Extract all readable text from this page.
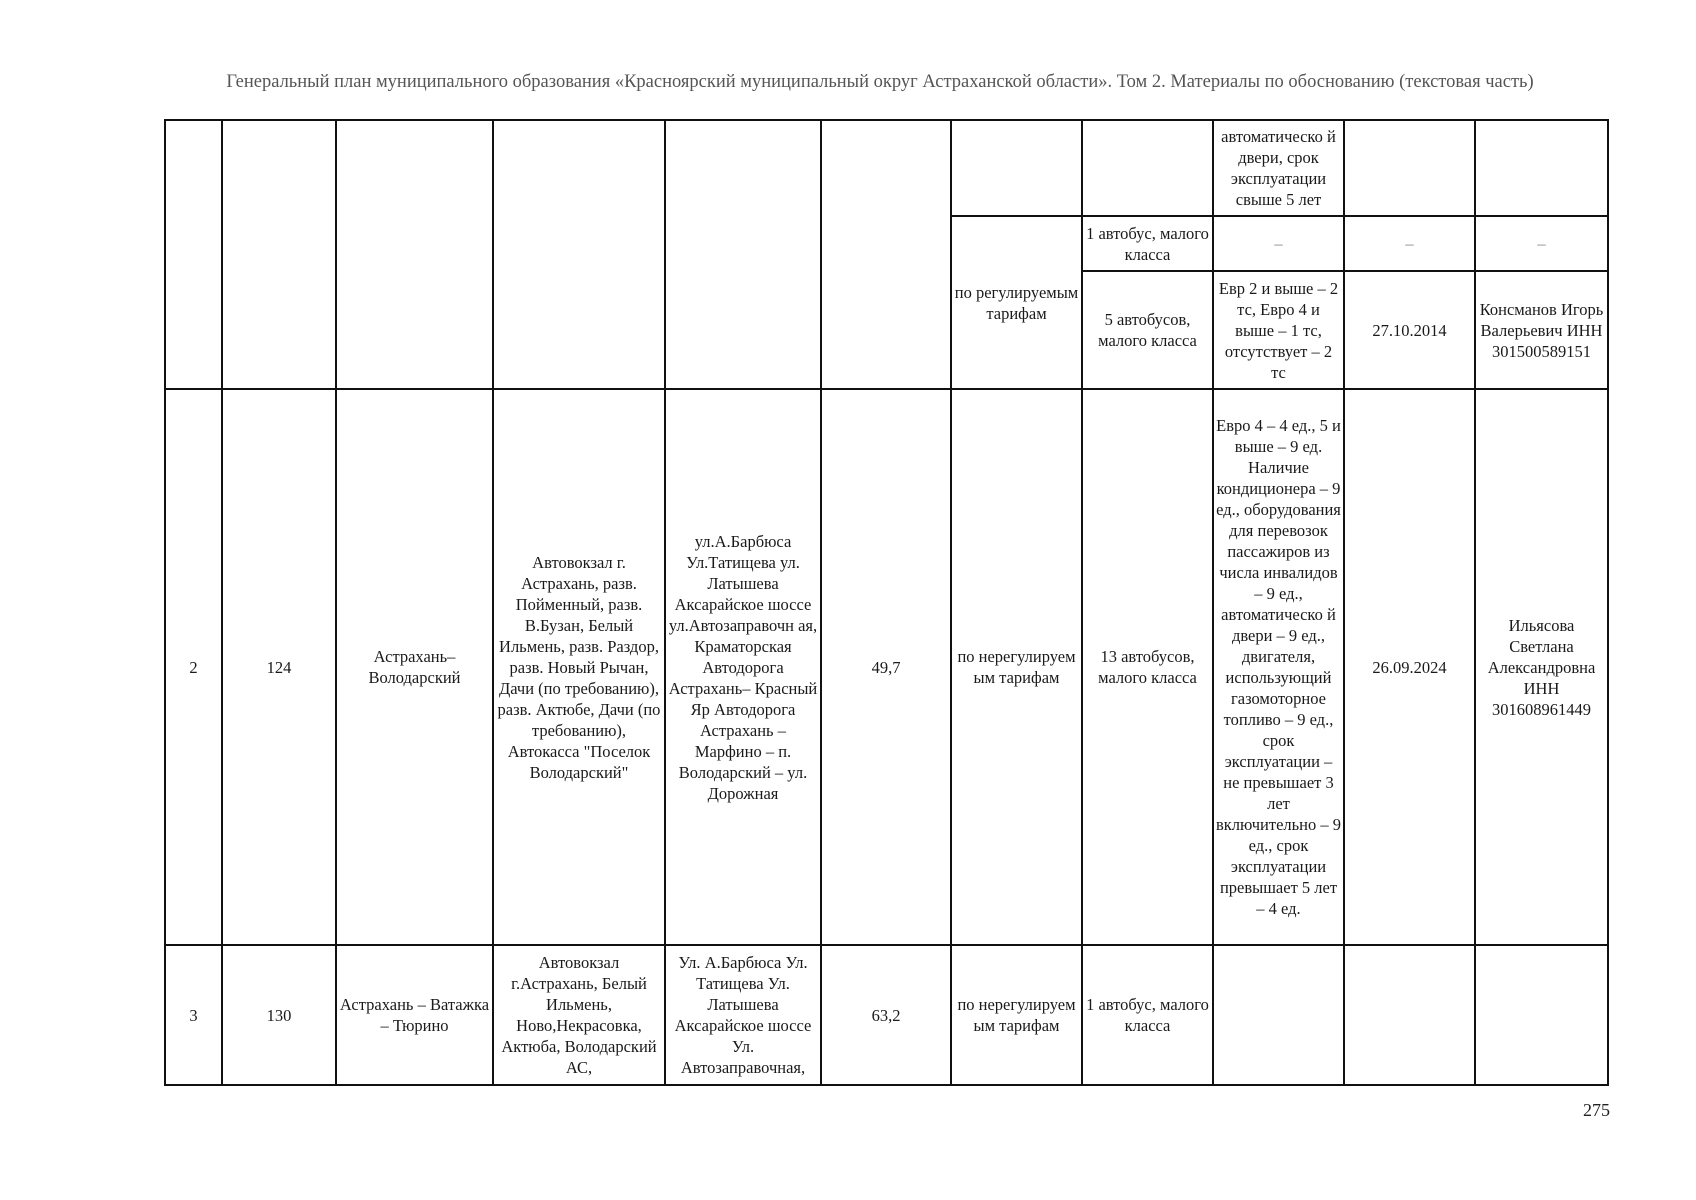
Генеральный план муниципального образования «Красноярский муниципальный округ Астраханской области». Том 2. Материалы по обоснованию (текстовая часть)
								автоматическо й двери, срок эксплуатации свыше 5 лет		
						по регулируемым тарифам	1 автобус, малого класса	–	–	–
							5 автобусов, малого класса	Евр 2 и выше – 2 тс, Евро 4 и выше – 1 тс, отсутствует – 2 тс	27.10.2014	Консманов Игорь Валерьевич ИНН 301500589151
2	124	Астрахань– Володарский	Автовокзал г. Астрахань, разв. Пойменный, разв. В.Бузан, Белый Ильмень, разв. Раздор, разв. Новый Рычан, Дачи (по требованию), разв. Актюбе, Дачи (по требованию), Автокасса "Поселок Володарский"	ул.А.Барбюса Ул.Татищева ул. Латышева Аксарайское шоссе ул.Автозаправочн ая, Краматорская Автодорога Астрахань– Красный Яр Автодорога Астрахань – Марфино – п. Володарский – ул. Дорожная	49,7	по нерегулируем ым тарифам	13 автобусов, малого класса	Евро 4 – 4 ед., 5 и выше – 9 ед. Наличие кондиционера – 9 ед., оборудования для перевозок пассажиров из числа инвалидов – 9 ед., автоматическо й двери – 9 ед., двигателя, использующий газомоторное топливо – 9 ед., срок эксплуатации – не превышает 3 лет включительно – 9 ед., срок эксплуатации превышает 5 лет – 4 ед.	26.09.2024	Ильясова Светлана Александровна ИНН 301608961449
3	130	Астрахань – Ватажка – Тюрино	Автовокзал г.Астрахань, Белый Ильмень, Ново,Некрасовка, Актюба, Володарский АС,	Ул. А.Барбюса Ул. Татищева Ул. Латышева Аксарайское шоссе Ул. Автозаправочная,	63,2	по нерегулируем ым тарифам	1 автобус, малого класса			
275
